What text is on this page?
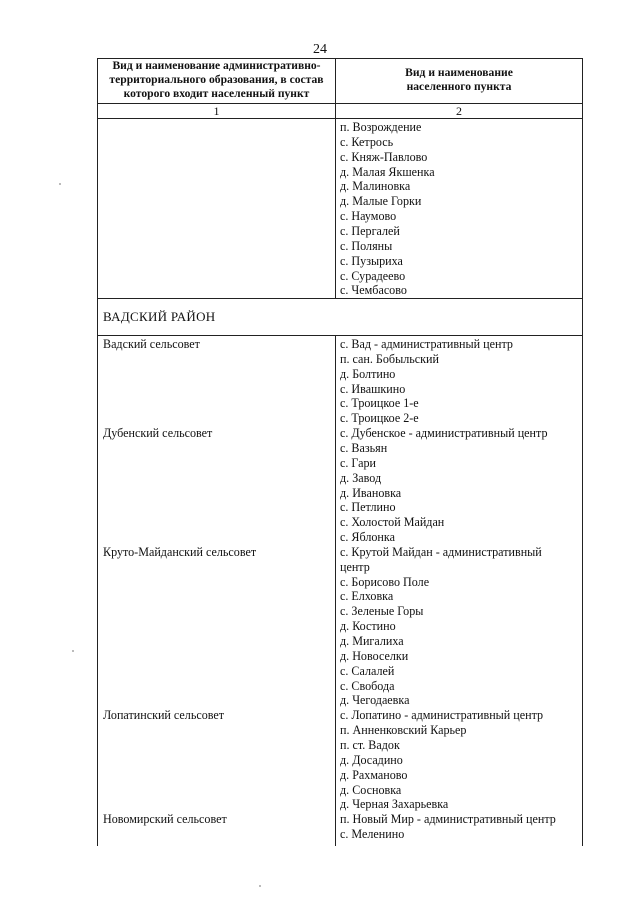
24
Вид и наименование административно-
территориального образования, в состав
которого входит населенный пункт
Вид и наименование
населенного пункта
1	2
п. Возрождение
с. Кетрось
с. Княж-Павлово
д. Малая Якшенка
д. Малиновка
д. Малые Горки
с. Наумово
с. Пергалей
с. Поляны
с. Пузыриха
с. Сурадеево
с. Чембасово
ВАДСКИЙ РАЙОН
Вадский сельсовет	с. Вад - административный центр
п. сан. Бобыльский
д. Болтино
с. Ивашкино
с. Троицкое 1-е
с. Троицкое 2-е
Дубенский сельсовет	с. Дубенское - административный центр
с. Вазьян
с. Гари
д. Завод
д. Ивановка
с. Петлино
с. Холостой Майдан
с. Яблонка
Круто-Майданский сельсовет	с. Крутой Майдан - административный
центр
с. Борисово Поле
с. Елховка
с. Зеленые Горы
д. Костино
д. Мигалиха
д. Новоселки
с. Салалей
с. Свобода
д. Чегодаевка
Лопатинский сельсовет	с. Лопатино - административный центр
п. Анненковский Карьер
п. ст. Вадок
д. Досадино
д. Рахманово
д. Сосновка
д. Черная Захарьевка
Новомирский сельсовет	п. Новый Мир - административный центр
с. Меленино
